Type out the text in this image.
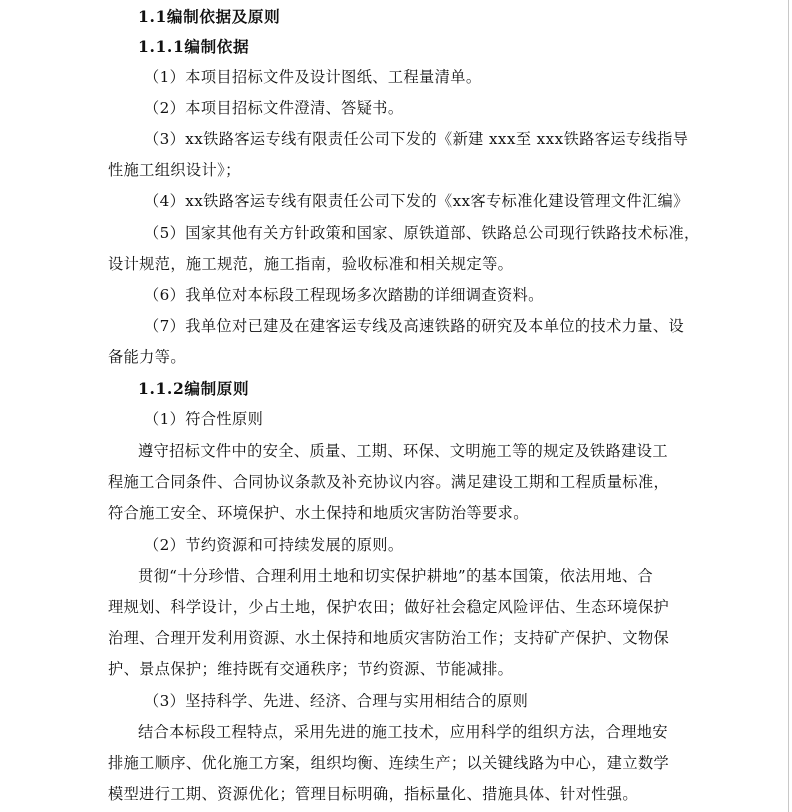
1.1编制依据及原则
1.1.1编制依据
（1）本项目招标文件及设计图纸、工程量清单。
（2）本项目招标文件澄清、答疑书。
（3）xx铁路客运专线有限责任公司下发的《新建 xxx至 xxx铁路客运专线指导
性施工组织设计》；
（4）xx铁路客运专线有限责任公司下发的《xx客专标准化建设管理文件汇编》
（5）国家其他有关方针政策和国家、原铁道部、铁路总公司现行铁路技术标准，
设计规范，施工规范，施工指南，验收标准和相关规定等。
（6）我单位对本标段工程现场多次踏勘的详细调查资料。
（7）我单位对已建及在建客运专线及高速铁路的研究及本单位的技术力量、设
备能力等。
1.1.2编制原则
（1）符合性原则
遵守招标文件中的安全、质量、工期、环保、文明施工等的规定及铁路建设工
程施工合同条件、合同协议条款及补充协议内容。满足建设工期和工程质量标准，
符合施工安全、环境保护、水土保持和地质灾害防治等要求。
（2）节约资源和可持续发展的原则。
贯彻“十分珍惜、合理利用土地和切实保护耕地”的基本国策，依法用地、合
理规划、科学设计，少占土地，保护农田；做好社会稳定风险评估、生态环境保护
治理、合理开发利用资源、水土保持和地质灾害防治工作；支持矿产保护、文物保
护、景点保护；维持既有交通秩序；节约资源、节能减排。
（3）坚持科学、先进、经济、合理与实用相结合的原则
结合本标段工程特点，采用先进的施工技术，应用科学的组织方法，合理地安
排施工顺序、优化施工方案，组织均衡、连续生产；以关键线路为中心，建立数学
模型进行工期、资源优化；管理目标明确，指标量化、措施具体、针对性强。
